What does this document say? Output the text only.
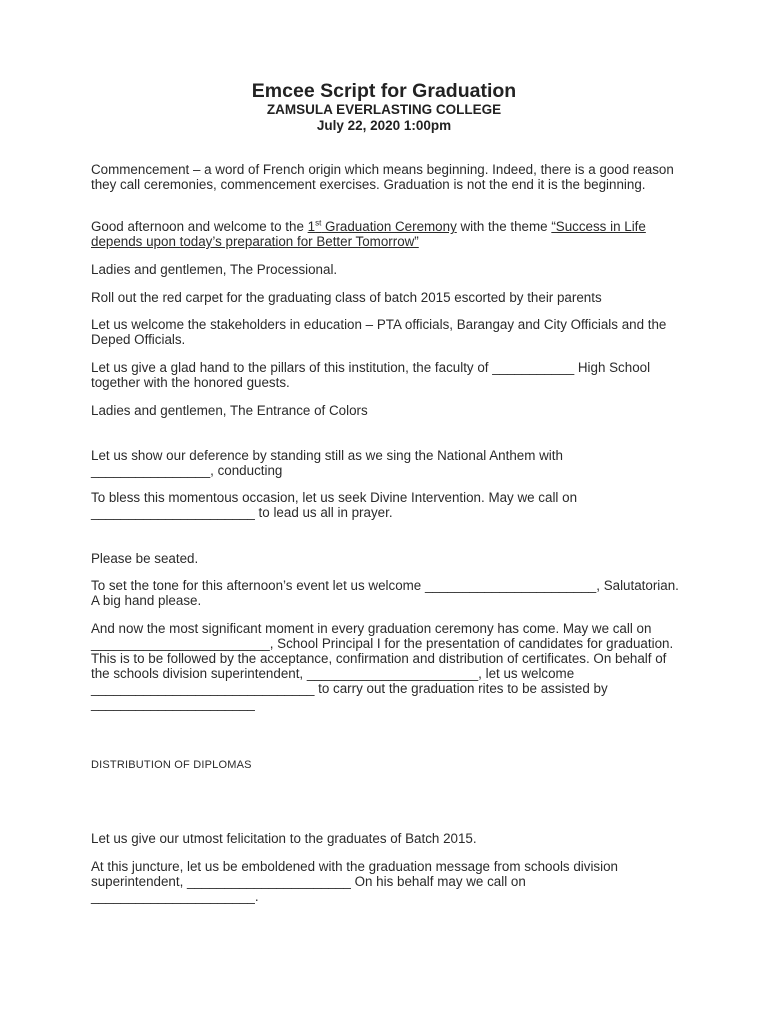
Emcee Script for Graduation
ZAMSULA EVERLASTING COLLEGE
July 22, 2020 1:00pm
Commencement – a word of French origin which means beginning. Indeed, there is a good reason they call ceremonies, commencement exercises. Graduation is not the end it is the beginning.
Good afternoon and welcome to the 1st Graduation Ceremony with the theme “Success in Life depends upon today’s preparation for Better Tomorrow”
Ladies and gentlemen, The Processional.
Roll out the red carpet for the graduating class of batch 2015 escorted by their parents
Let us welcome the stakeholders in education – PTA officials, Barangay and City Officials and the Deped Officials.
Let us give a glad hand to the pillars of this institution, the faculty of ___________ High School together with the honored guests.
Ladies and gentlemen, The Entrance of Colors
Let us show our deference by standing still as we sing the National Anthem with ________________, conducting
To bless this momentous occasion, let us seek Divine Intervention. May we call on ______________________ to lead us all in prayer.
Please be seated.
To set the tone for this afternoon’s event let us welcome _______________________, Salutatorian. A big hand please.
And now the most significant moment in every graduation ceremony has come. May we call on ________________________, School Principal I for the presentation of candidates for graduation. This is to be followed by the acceptance, confirmation and distribution of certificates. On behalf of the schools division superintendent, _______________________, let us welcome ______________________________ to carry out the graduation rites to be assisted by ______________________
DISTRIBUTION OF DIPLOMAS
Let us give our utmost felicitation to the graduates of Batch 2015.
At this juncture, let us be emboldened with the graduation message from schools division superintendent, ______________________ On his behalf may we call on ______________________.
